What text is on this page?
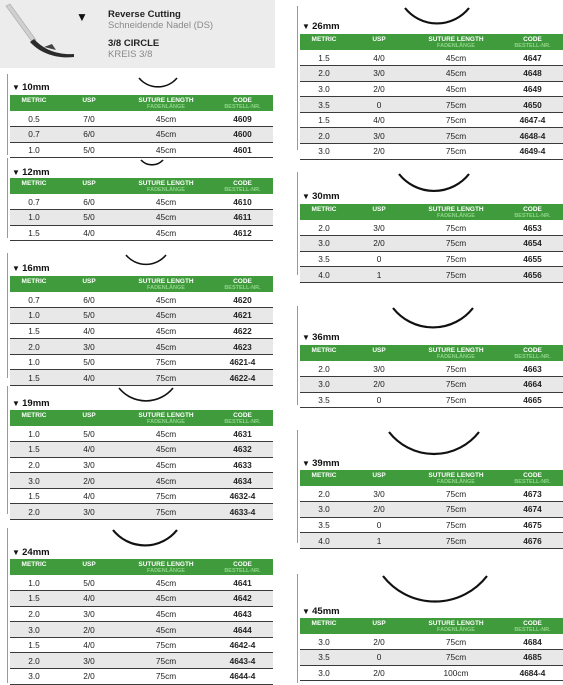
▼ Reverse Cutting
Schneidende Nadel (DS)
3/8 CIRCLE
KREIS 3/8
▼ 10mm
METRIC	USP	SUTURE LENGTH
FADENLÄNGE	CODE
BESTELL-NR.

0.5	7/0	45cm	4609
0.7	6/0	45cm	4600
1.0	5/0	45cm	4601
▼ 12mm
METRIC	USP	SUTURE LENGTH
FADENLÄNGE	CODE
BESTELL-NR.

0.7	6/0	45cm	4610
1.0	5/0	45cm	4611
1.5	4/0	45cm	4612
▼ 16mm
METRIC	USP	SUTURE LENGTH
FADENLÄNGE	CODE
BESTELL-NR.

0.7	6/0	45cm	4620
1.0	5/0	45cm	4621
1.5	4/0	45cm	4622
2.0	3/0	45cm	4623
1.0	5/0	75cm	4621-4
1.5	4/0	75cm	4622-4
▼ 19mm
METRIC	USP	SUTURE LENGTH
FADENLÄNGE	CODE
BESTELL-NR.

1.0	5/0	45cm	4631
1.5	4/0	45cm	4632
2.0	3/0	45cm	4633
3.0	2/0	45cm	4634
1.5	4/0	75cm	4632-4
2.0	3/0	75cm	4633-4
▼ 24mm
METRIC	USP	SUTURE LENGTH
FADENLÄNGE	CODE
BESTELL-NR.

1.0	5/0	45cm	4641
1.5	4/0	45cm	4642
2.0	3/0	45cm	4643
3.0	2/0	45cm	4644
1.5	4/0	75cm	4642-4
2.0	3/0	75cm	4643-4
3.0	2/0	75cm	4644-4
▼ 26mm
METRIC	USP	SUTURE LENGTH
FADENLÄNGE	CODE
BESTELL-NR.

1.5	4/0	45cm	4647
2.0	3/0	45cm	4648
3.0	2/0	45cm	4649
3.5	0	75cm	4650
1.5	4/0	75cm	4647-4
2.0	3/0	75cm	4648-4
3.0	2/0	75cm	4649-4
▼ 30mm
METRIC	USP	SUTURE LENGTH
FADENLÄNGE	CODE
BESTELL-NR.

2.0	3/0	75cm	4653
3.0	2/0	75cm	4654
3.5	0	75cm	4655
4.0	1	75cm	4656
▼ 36mm
METRIC	USP	SUTURE LENGTH
FADENLÄNGE	CODE
BESTELL-NR.

2.0	3/0	75cm	4663
3.0	2/0	75cm	4664
3.5	0	75cm	4665
▼ 39mm
METRIC	USP	SUTURE LENGTH
FADENLÄNGE	CODE
BESTELL-NR.

2.0	3/0	75cm	4673
3.0	2/0	75cm	4674
3.5	0	75cm	4675
4.0	1	75cm	4676
▼ 45mm
METRIC	USP	SUTURE LENGTH
FADENLÄNGE	CODE
BESTELL-NR.

3.0	2/0	75cm	4684
3.5	0	75cm	4685
3.0	2/0	100cm	4684-4
